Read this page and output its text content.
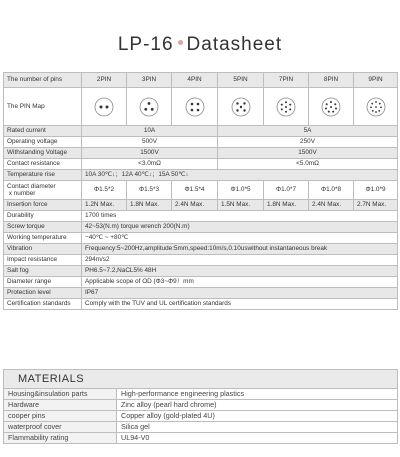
LP-16 Datasheet
The number of pins	2PIN	3PIN	4PIN	5PIN	7PIN	8PIN	9PIN
The PIN Map							
Rated current	10A			5A			
Operating voltage	500V			250V			
Withstanding Voltage	1500V			1500V			
Contact resistance	<3.0mΩ			<5.0mΩ			
Temperature rise	10A 30℃↓；12A 40℃↓；15A 50℃↓						
Contact diameter
x number	Φ1.5*2	Φ1.5*3	Φ1.5*4	Φ1.0*5	Φ1.0*7	Φ1.0*8	Φ1.0*9
Insertion force	1.2N Max.	1.8N Max.	2.4N Max.	1.5N Max.	1.8N Max.	2.4N Max.	2.7N Max.
Durability	1700 times						
Screw torque	42~53(N.m) torque wrench 200(N.m)						
Working temperature	−40℃ ~ +80℃						
Vibration	Frequency:5~200Hz,amplitude:5mm,speed:10m/s,0.10uswithout instantaneous break						
Impact resistance	294m/s2						
Salt fog	PH6.5~7.2,NaCL5% 48H						
Diameter range	Applicable scope of OD (Φ3~Φ9）mm						
Protection level	IP67						
Certification standards	Comply with the TUV and UL certification standards						
MATERIALS	
Housing&insulation parts	High-performance engineering plastics
Hardware	Zinc alloy (pearl hard chrome)
cooper pins	Copper alloy (gold-plated 4U)
waterproof cover	Silica gel
Flammability rating	UL94-V0
